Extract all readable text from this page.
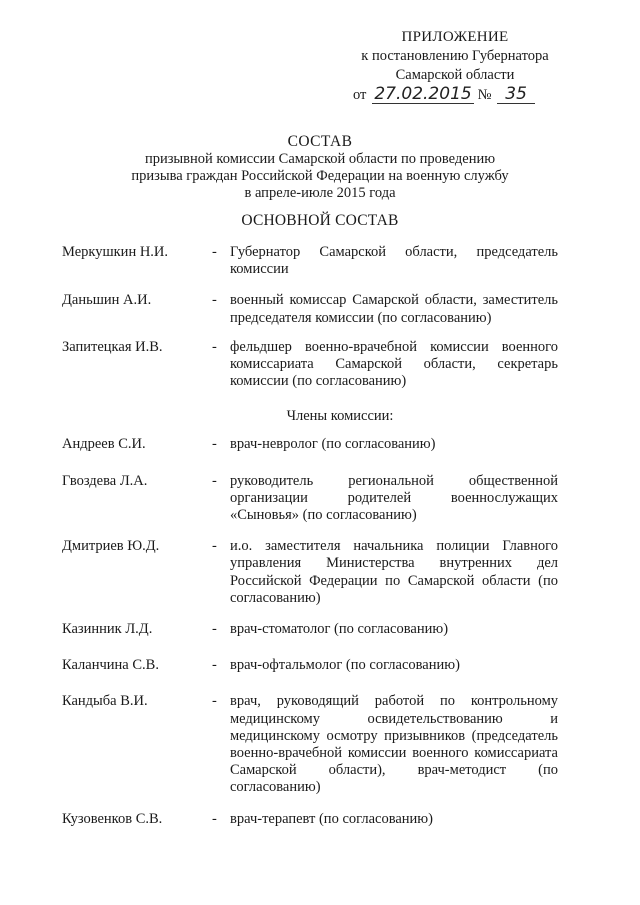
ПРИЛОЖЕНИЕ
к постановлению Губернатора
Самарской области
от 27.02.2015 № 35
СОСТАВ
призывной комиссии Самарской области по проведению
призыва граждан Российской Федерации на военную службу
в апреле-июле 2015 года
ОСНОВНОЙ СОСТАВ
Меркушкин Н.И.	- Губернатор Самарской области, председатель комиссии
Даньшин А.И.	- военный комиссар Самарской области, заместитель председателя комиссии (по согласованию)
Запитецкая И.В.	- фельдшер военно-врачебной комиссии военного комиссариата Самарской области, секретарь комиссии (по согласованию)
Члены комиссии:
Андреев С.И.	- врач-невролог (по согласованию)
Гвоздева Л.А.	- руководитель региональной общественной организации родителей военнослужащих «Сыновья» (по согласованию)
Дмитриев Ю.Д.	- и.о. заместителя начальника полиции Главного управления Министерства внутренних дел Российской Федерации по Самарской области (по согласованию)
Казинник Л.Д.	- врач-стоматолог (по согласованию)
Каланчина С.В.	- врач-офтальмолог (по согласованию)
Кандыба В.И.	- врач, руководящий работой по контрольному медицинскому освидетельствованию и медицинскому осмотру призывников (председатель военно-врачебной комиссии военного комиссариата Самарской области), врач-методист (по согласованию)
Кузовенков С.В.	- врач-терапевт (по согласованию)
